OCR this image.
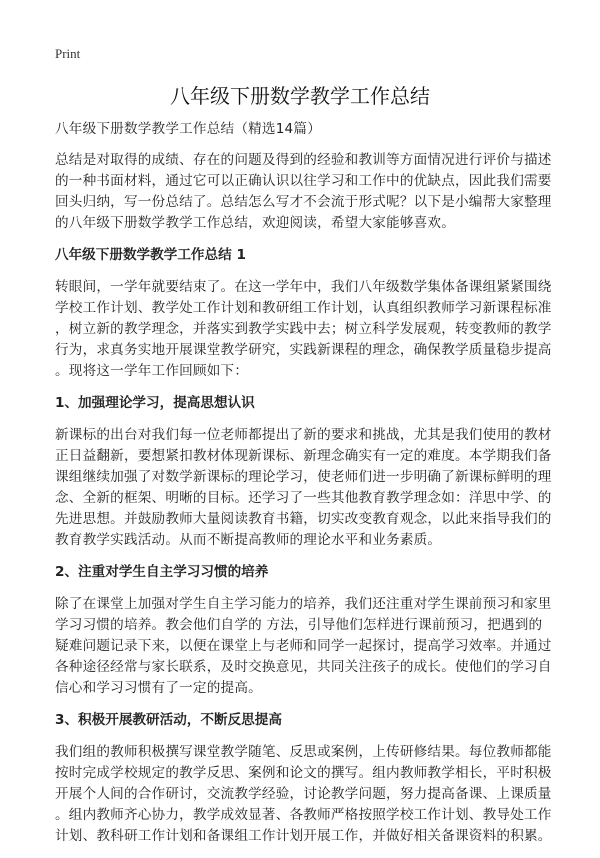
Print
八年级下册数学教学工作总结
八年级下册数学教学工作总结（精选14篇）
总结是对取得的成绩、存在的问题及得到的经验和教训等方面情况进行评价与描述
的一种书面材料，通过它可以正确认识以往学习和工作中的优缺点，因此我们需要
回头归纳，写一份总结了。总结怎么写才不会流于形式呢？以下是小编帮大家整理
的八年级下册数学教学工作总结，欢迎阅读，希望大家能够喜欢。
八年级下册数学教学工作总结 1
转眼间，一学年就要结束了。在这一学年中，我们八年级数学集体备课组紧紧围绕
学校工作计划、教学处工作计划和教研组工作计划，认真组织教师学习新课程标准
，树立新的教学理念，并落实到教学实践中去；树立科学发展观，转变教师的教学
行为，求真务实地开展课堂教学研究，实践新课程的理念，确保教学质量稳步提高
。现将这一学年工作回顾如下：
1、加强理论学习，提高思想认识
新课标的出台对我们每一位老师都提出了新的要求和挑战，尤其是我们使用的教材
正日益翻新，要想紧扣教材体现新课标、新理念确实有一定的难度。本学期我们备
课组继续加强了对数学新课标的理论学习，使老师们进一步明确了新课标鲜明的理
念、全新的框架、明晰的目标。还学习了一些其他教育教学理念如：洋思中学、的
先进思想。并鼓励教师大量阅读教育书籍，切实改变教育观念，以此来指导我们的
教育教学实践活动。从而不断提高教师的理论水平和业务素质。
2、注重对学生自主学习习惯的培养
除了在课堂上加强对学生自主学习能力的培养，我们还注重对学生课前预习和家里
学习习惯的培养。教会他们自学的 方法，引导他们怎样进行课前预习，把遇到的
疑难问题记录下来，以便在课堂上与老师和同学一起探讨，提高学习效率。并通过
各种途径经常与家长联系，及时交换意见，共同关注孩子的成长。使他们的学习自
信心和学习习惯有了一定的提高。
3、积极开展教研活动，不断反思提高
我们组的教师积极撰写课堂教学随笔、反思或案例，上传研修结果。每位教师都能
按时完成学校规定的教学反思、案例和论文的撰写。组内教师教学相长，平时积极
开展个人间的合作研讨，交流教学经验，讨论教学问题，努力提高备课、上课质量
。组内教师齐心协力，教学成效显著、各教师严格按照学校工作计划、教导处工作
计划、教科研工作计划和备课组工作计划开展工作，并做好相关备课资料的积累。
